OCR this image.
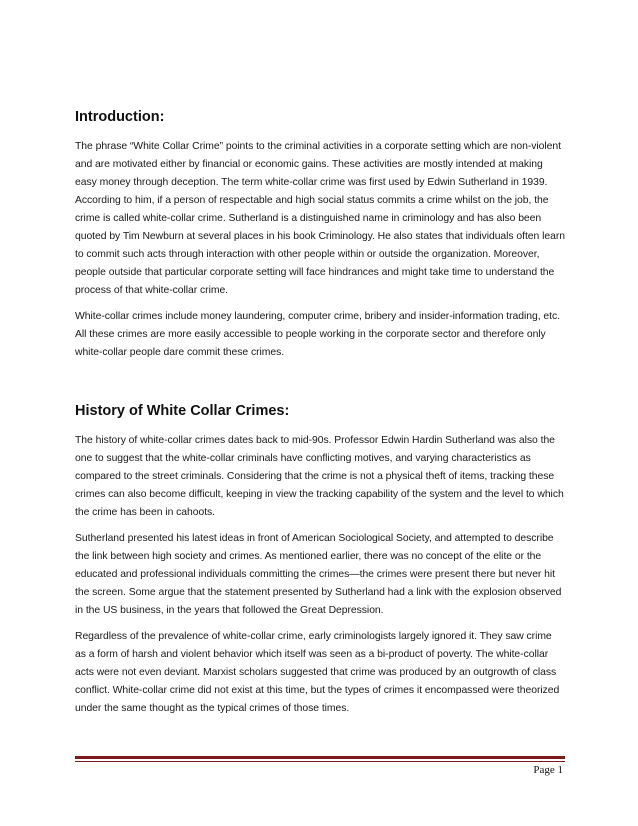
Introduction:

The phrase “White Collar Crime” points to the criminal activities in a corporate setting which are non-violent and are motivated either by financial or economic gains. These activities are mostly intended at making easy money through deception. The term white-collar crime was first used by Edwin Sutherland in 1939. According to him, if a person of respectable and high social status commits a crime whilst on the job, the crime is called white-collar crime. Sutherland is a distinguished name in criminology and has also been quoted by Tim Newburn at several places in his book Criminology. He also states that individuals often learn to commit such acts through interaction with other people within or outside the organization. Moreover, people outside that particular corporate setting will face hindrances and might take time to understand the process of that white-collar crime.

White-collar crimes include money laundering, computer crime, bribery and insider-information trading, etc. All these crimes are more easily accessible to people working in the corporate sector and therefore only white-collar people dare commit these crimes.

History of White Collar Crimes:

The history of white-collar crimes dates back to mid-90s. Professor Edwin Hardin Sutherland was also the one to suggest that the white-collar criminals have conflicting motives, and varying characteristics as compared to the street criminals. Considering that the crime is not a physical theft of items, tracking these crimes can also become difficult, keeping in view the tracking capability of the system and the level to which the crime has been in cahoots.

Sutherland presented his latest ideas in front of American Sociological Society, and attempted to describe the link between high society and crimes. As mentioned earlier, there was no concept of the elite or the educated and professional individuals committing the crimes—the crimes were present there but never hit the screen. Some argue that the statement presented by Sutherland had a link with the explosion observed in the US business, in the years that followed the Great Depression.

Regardless of the prevalence of white-collar crime, early criminologists largely ignored it. They saw crime as a form of harsh and violent behavior which itself was seen as a bi-product of poverty. The white-collar acts were not even deviant. Marxist scholars suggested that crime was produced by an outgrowth of class conflict. White-collar crime did not exist at this time, but the types of crimes it encompassed were theorized under the same thought as the typical crimes of those times.

Page 1
